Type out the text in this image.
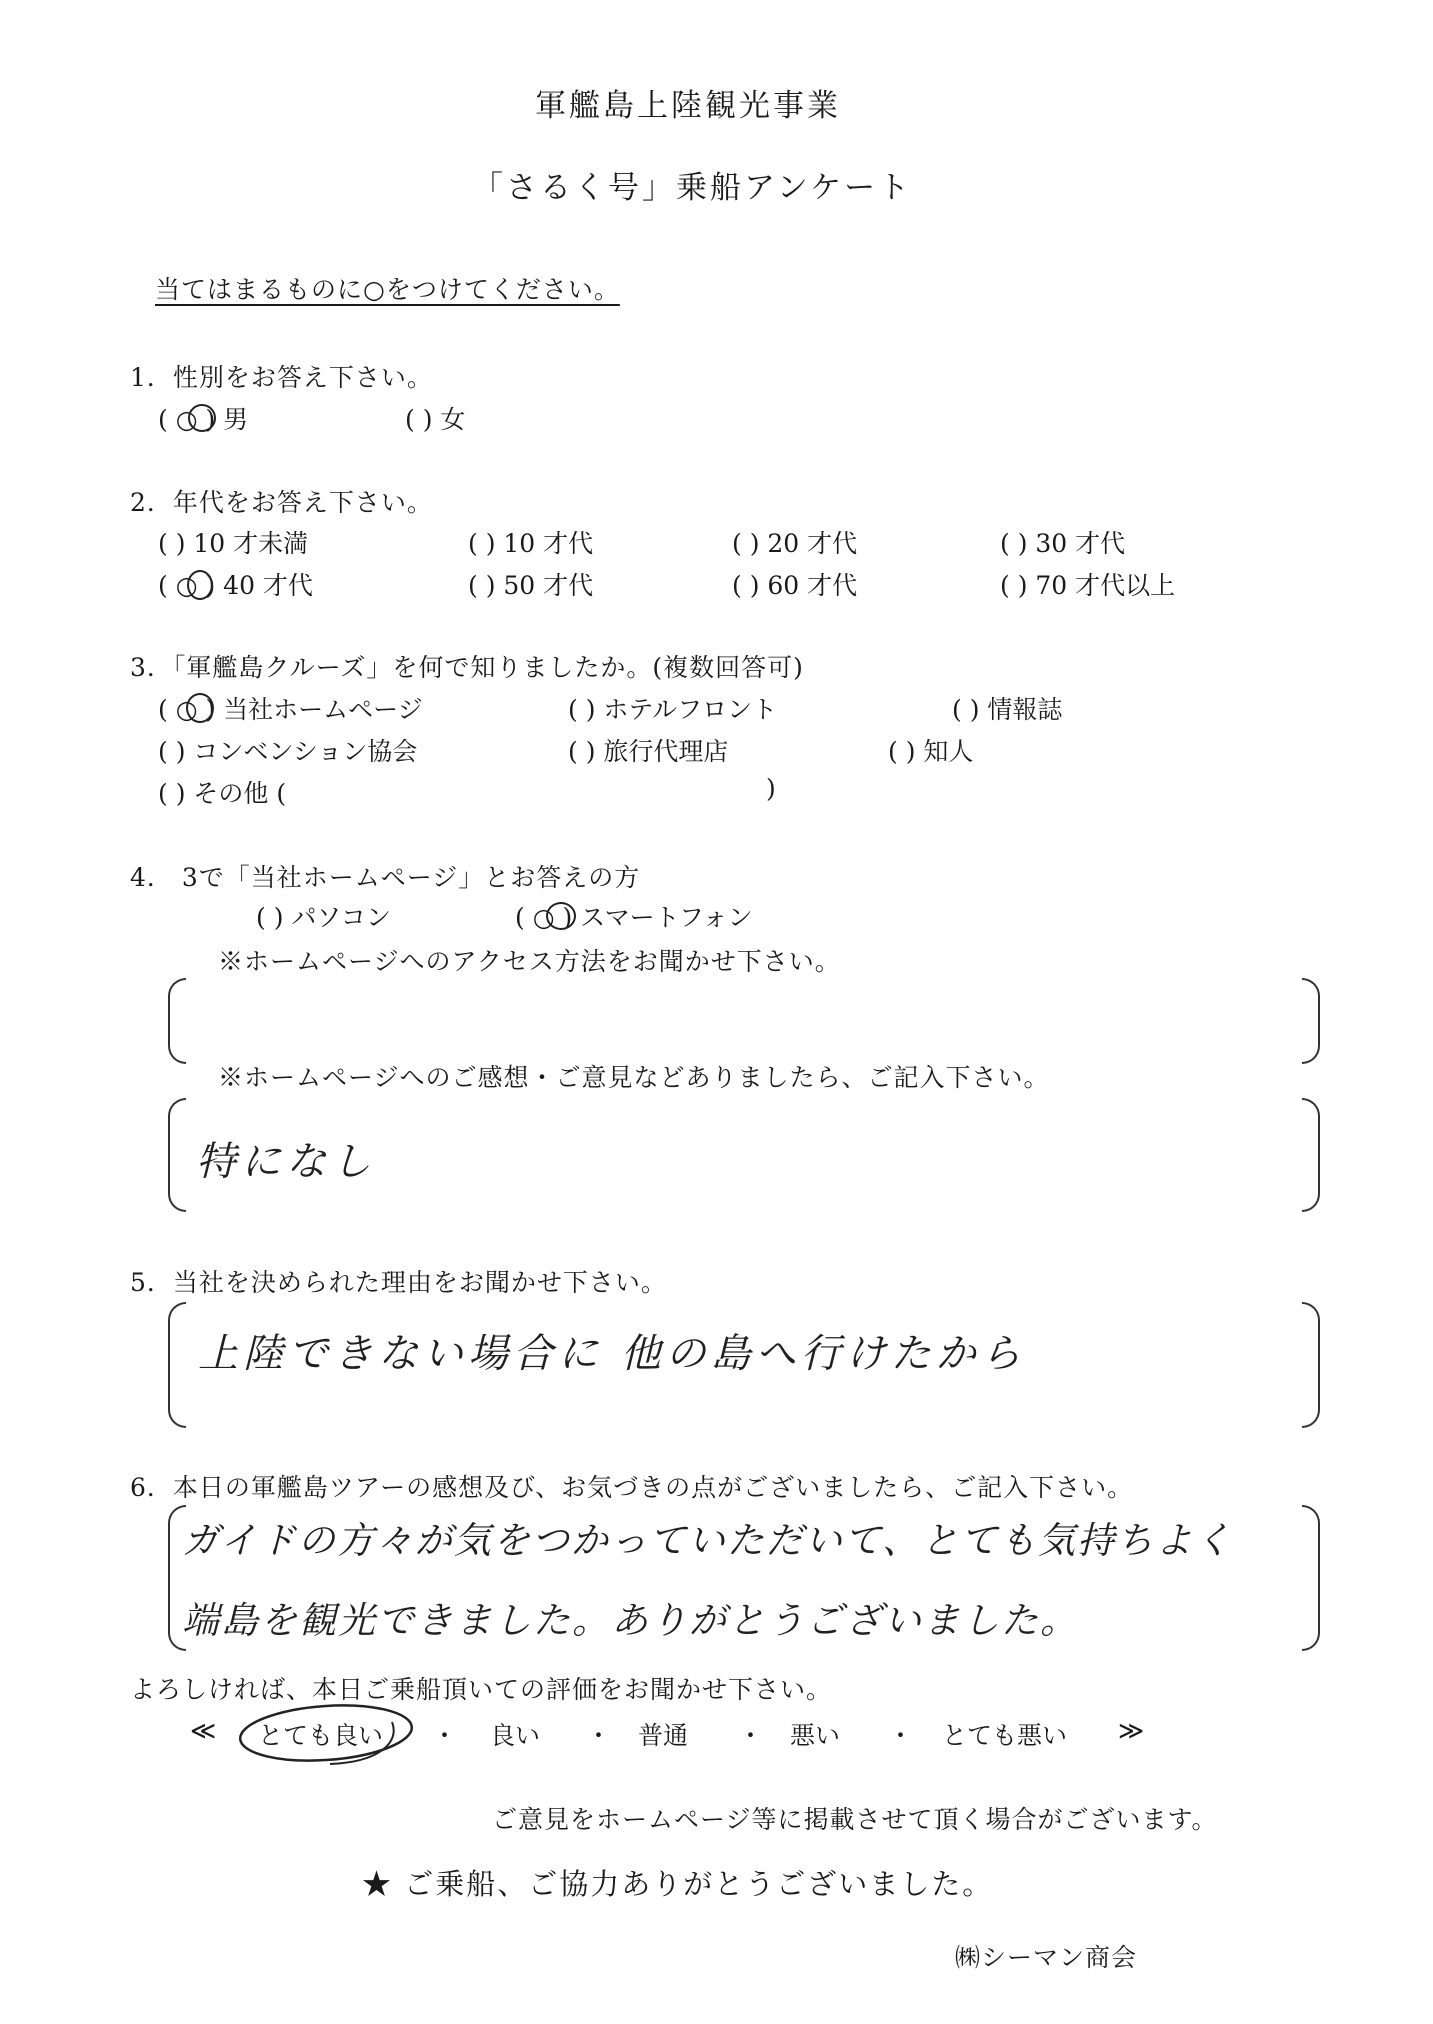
軍艦島上陸観光事業
「さるく号」乗船アンケート
当てはまるものに○をつけてください。
1．性別をお答え下さい。
( ○ ) 男	( ) 女
2．年代をお答え下さい。
( ) 10 才未満	( ) 10 才代	( ) 20 才代	( ) 30 才代
( ○ ) 40 才代	( ) 50 才代	( ) 60 才代	( ) 70 才代以上
3．「軍艦島クルーズ」を何で知りましたか。(複数回答可)
( ○ ) 当社ホームページ	( ) ホテルフロント	( ) 情報誌
( ) コンベンション協会	( ) 旅行代理店	( ) 知人
( ) その他 (	)
4． 3で「当社ホームページ」とお答えの方
( ) パソコン	( ○ ) スマートフォン
※ホームページへのアクセス方法をお聞かせ下さい。
※ホームページへのご感想・ご意見などありましたら、ご記入下さい。
特になし
5．当社を決められた理由をお聞かせ下さい。
上陸できない場合に 他の島へ行けたから
6．本日の軍艦島ツアーの感想及び、お気づきの点がございましたら、ご記入下さい。
ガイドの方々が気をつかっていただいて、とても気持ちよく
端島を観光できました。ありがとうございました。
よろしければ、本日ご乗船頂いての評価をお聞かせ下さい。
≪ とても良い ・ 良い ・ 普通 ・ 悪い ・ とても悪い ≫
ご意見をホームページ等に掲載させて頂く場合がございます。
★ ご乗船、ご協力ありがとうございました。
㈱シーマン商会
